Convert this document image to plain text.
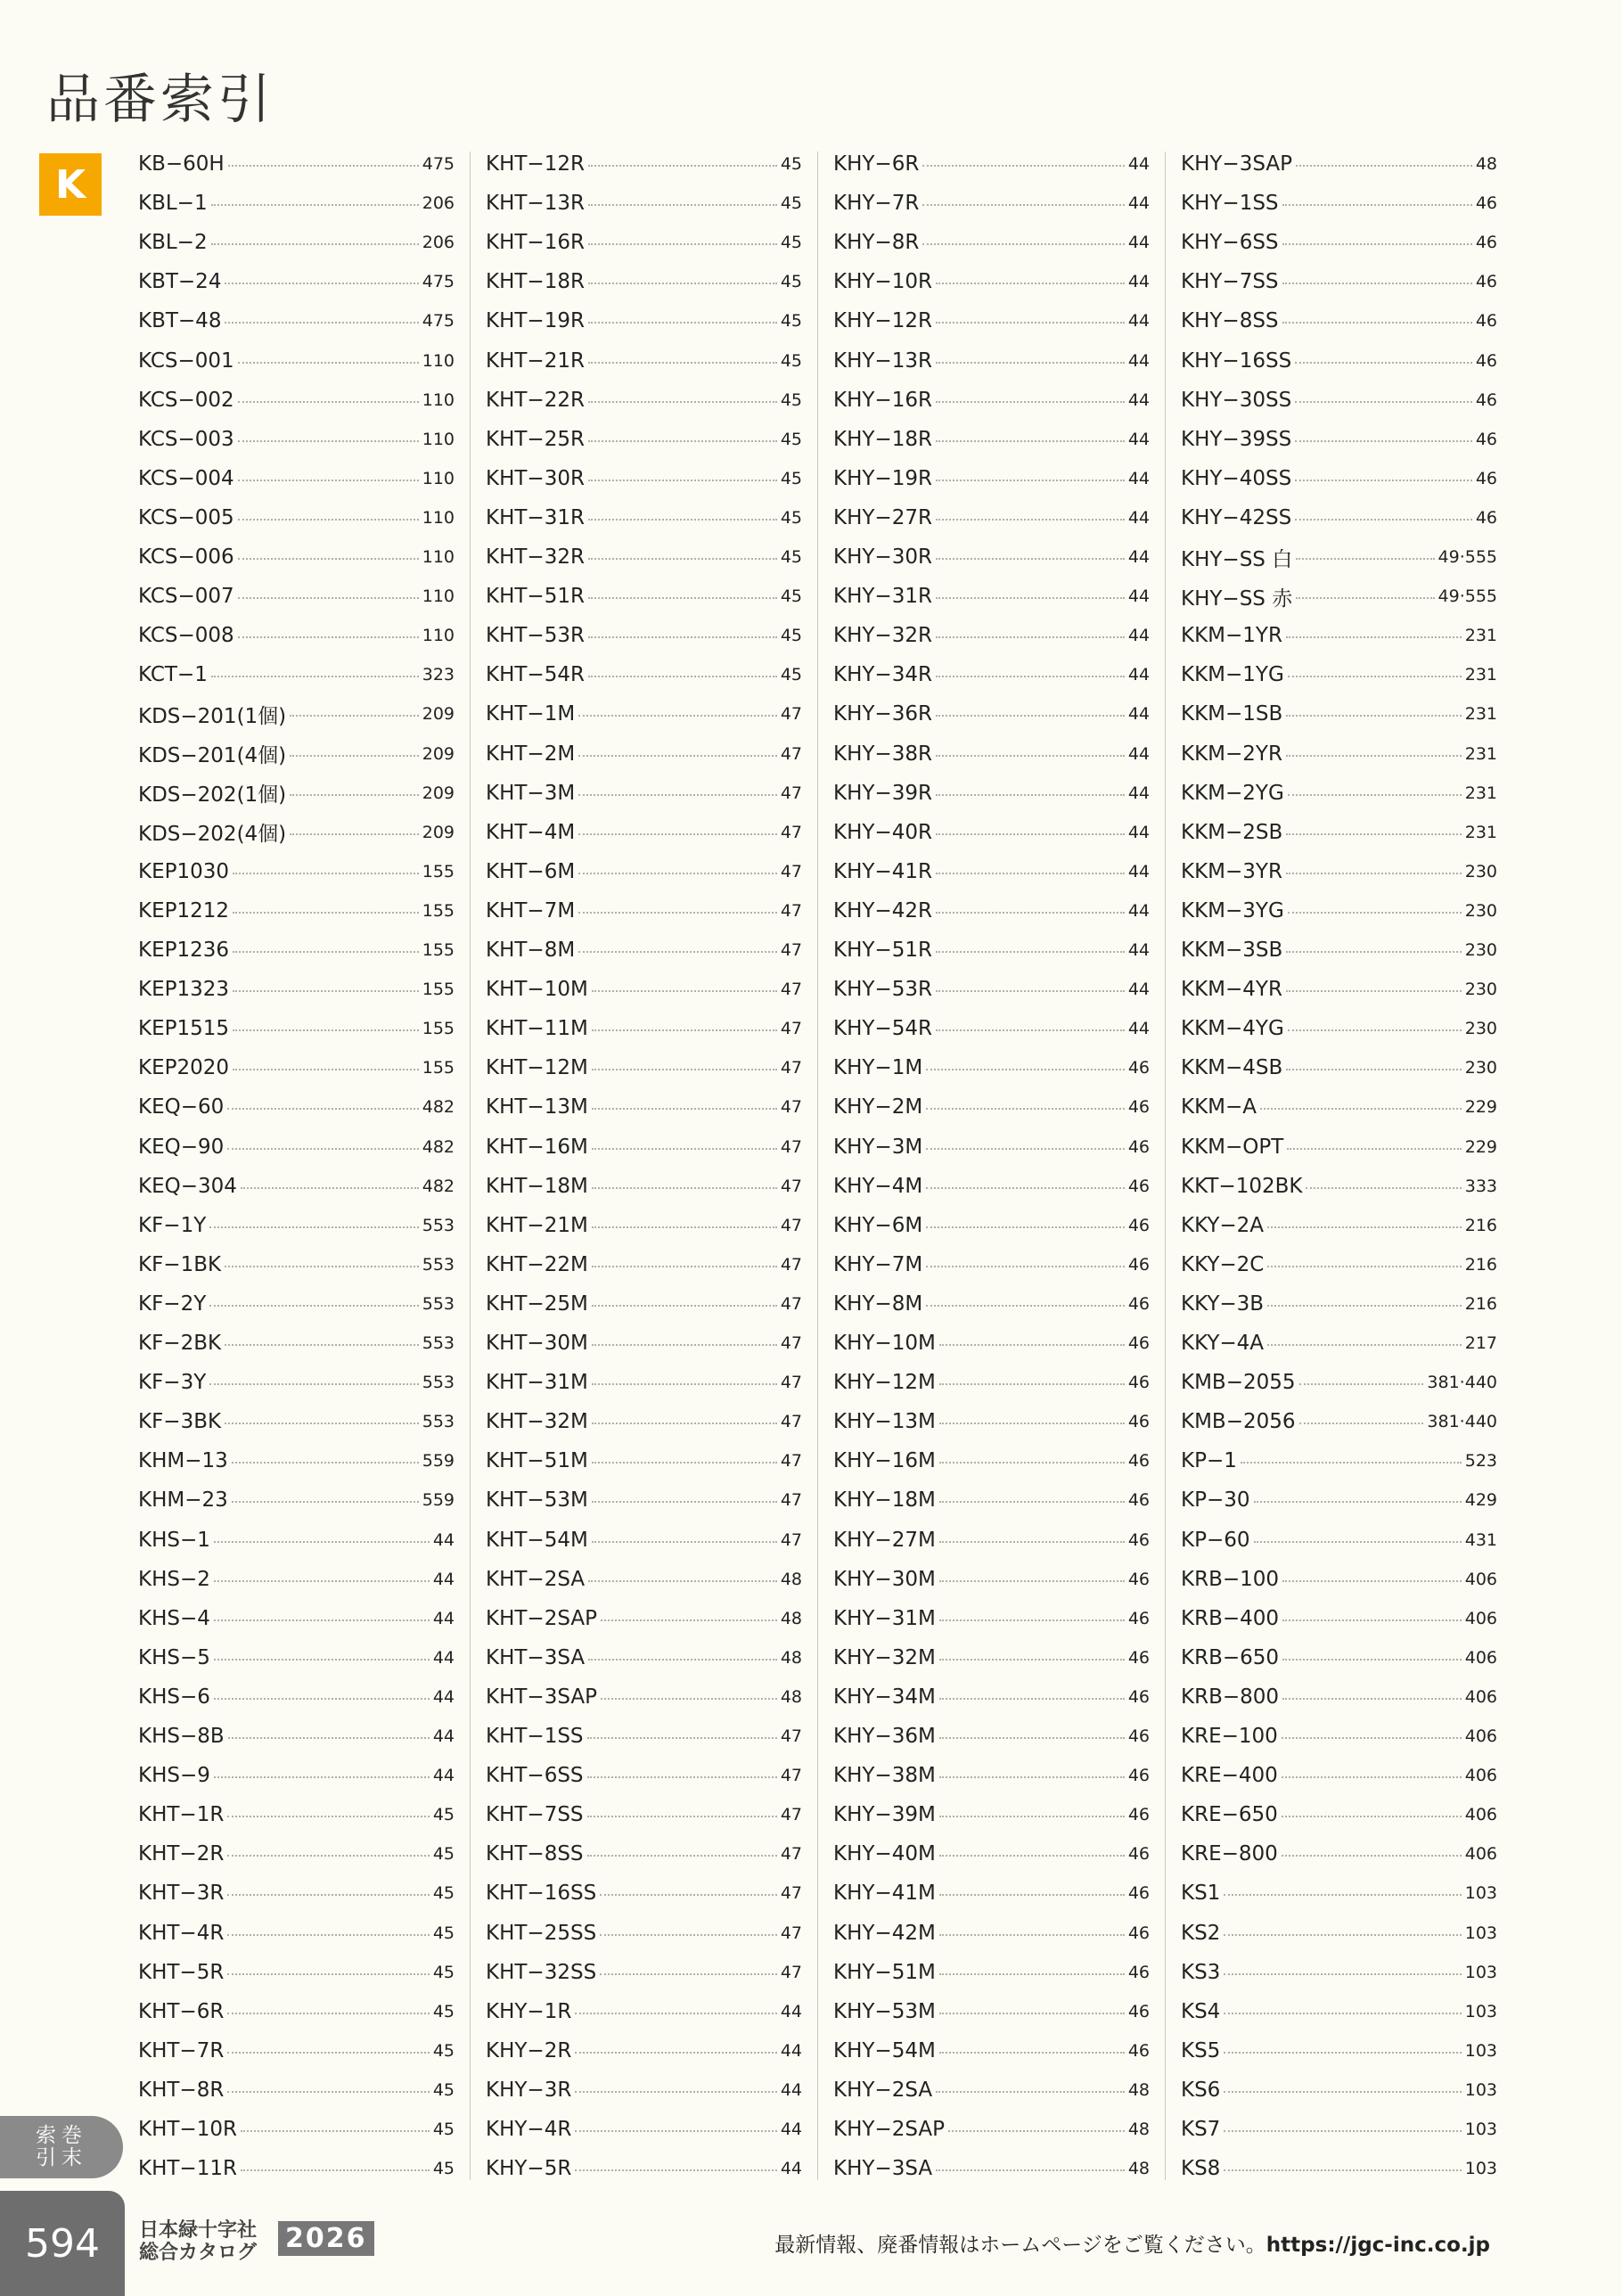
品番索引
K	KB−60H	475
KBL−1	206
KBL−2	206
KBT−24	475
KBT−48	475
KCS−001	110
KCS−002	110
KCS−003	110
KCS−004	110
KCS−005	110
KCS−006	110
KCS−007	110
KCS−008	110
KCT−1	323
KDS−201(1個)	209
KDS−201(4個)	209
KDS−202(1個)	209
KDS−202(4個)	209
KEP1030	155
KEP1212	155
KEP1236	155
KEP1323	155
KEP1515	155
KEP2020	155
KEQ−60	482
KEQ−90	482
KEQ−304	482
KF−1Y	553
KF−1BK	553
KF−2Y	553
KF−2BK	553
KF−3Y	553
KF−3BK	553
KHM−13	559
KHM−23	559
KHS−1	44
KHS−2	44
KHS−4	44
KHS−5	44
KHS−6	44
KHS−8B	44
KHS−9	44
KHT−1R	45
KHT−2R	45
KHT−3R	45
KHT−4R	45
KHT−5R	45
KHT−6R	45
KHT−7R	45
KHT−8R	45
KHT−10R	45
KHT−11R	45
KHT−12R	45
KHT−13R	45
KHT−16R	45
KHT−18R	45
KHT−19R	45
KHT−21R	45
KHT−22R	45
KHT−25R	45
KHT−30R	45
KHT−31R	45
KHT−32R	45
KHT−51R	45
KHT−53R	45
KHT−54R	45
KHT−1M	47
KHT−2M	47
KHT−3M	47
KHT−4M	47
KHT−6M	47
KHT−7M	47
KHT−8M	47
KHT−10M	47
KHT−11M	47
KHT−12M	47
KHT−13M	47
KHT−16M	47
KHT−18M	47
KHT−21M	47
KHT−22M	47
KHT−25M	47
KHT−30M	47
KHT−31M	47
KHT−32M	47
KHT−51M	47
KHT−53M	47
KHT−54M	47
KHT−2SA	48
KHT−2SAP	48
KHT−3SA	48
KHT−3SAP	48
KHT−1SS	47
KHT−6SS	47
KHT−7SS	47
KHT−8SS	47
KHT−16SS	47
KHT−25SS	47
KHT−32SS	47
KHY−1R	44
KHY−2R	44
KHY−3R	44
KHY−4R	44
KHY−5R	44
KHY−6R	44
KHY−7R	44
KHY−8R	44
KHY−10R	44
KHY−12R	44
KHY−13R	44
KHY−16R	44
KHY−18R	44
KHY−19R	44
KHY−27R	44
KHY−30R	44
KHY−31R	44
KHY−32R	44
KHY−34R	44
KHY−36R	44
KHY−38R	44
KHY−39R	44
KHY−40R	44
KHY−41R	44
KHY−42R	44
KHY−51R	44
KHY−53R	44
KHY−54R	44
KHY−1M	46
KHY−2M	46
KHY−3M	46
KHY−4M	46
KHY−6M	46
KHY−7M	46
KHY−8M	46
KHY−10M	46
KHY−12M	46
KHY−13M	46
KHY−16M	46
KHY−18M	46
KHY−27M	46
KHY−30M	46
KHY−31M	46
KHY−32M	46
KHY−34M	46
KHY−36M	46
KHY−38M	46
KHY−39M	46
KHY−40M	46
KHY−41M	46
KHY−42M	46
KHY−51M	46
KHY−53M	46
KHY−54M	46
KHY−2SA	48
KHY−2SAP	48
KHY−3SA	48
KHY−3SAP	48
KHY−1SS	46
KHY−6SS	46
KHY−7SS	46
KHY−8SS	46
KHY−16SS	46
KHY−30SS	46
KHY−39SS	46
KHY−40SS	46
KHY−42SS	46
KHY−SS 白	49·555
KHY−SS 赤	49·555
KKM−1YR	231
KKM−1YG	231
KKM−1SB	231
KKM−2YR	231
KKM−2YG	231
KKM−2SB	231
KKM−3YR	230
KKM−3YG	230
KKM−3SB	230
KKM−4YR	230
KKM−4YG	230
KKM−4SB	230
KKM−A	229
KKM−OPT	229
KKT−102BK	333
KKY−2A	216
KKY−2C	216
KKY−3B	216
KKY−4A	217
KMB−2055	381·440
KMB−2056	381·440
KP−1	523
KP−30	429
KP−60	431
KRB−100	406
KRB−400	406
KRB−650	406
KRB−800	406
KRE−100	406
KRE−400	406
KRE−650	406
KRE−800	406
KS1	103
KS2	103
KS3	103
KS4	103
KS5	103
KS6	103
KS7	103
KS8	103
索巻
引末
594	日本緑十字社
総合カタログ 2026	最新情報、廃番情報はホームページをご覧ください。https://jgc-inc.co.jp
